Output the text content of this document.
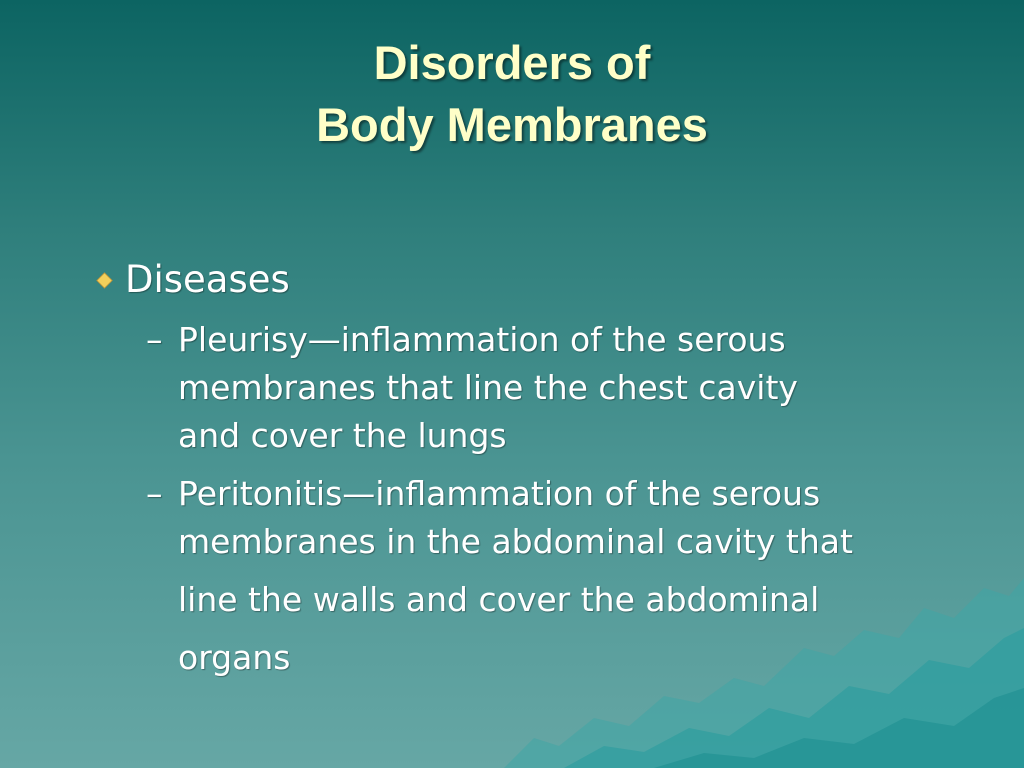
Disorders of
Body Membranes
Diseases
– Pleurisy—inflammation of the serous
membranes that line the chest cavity
and cover the lungs
– Peritonitis—inflammation of the serous
membranes in the abdominal cavity that
line the walls and cover the abdominal
organs
